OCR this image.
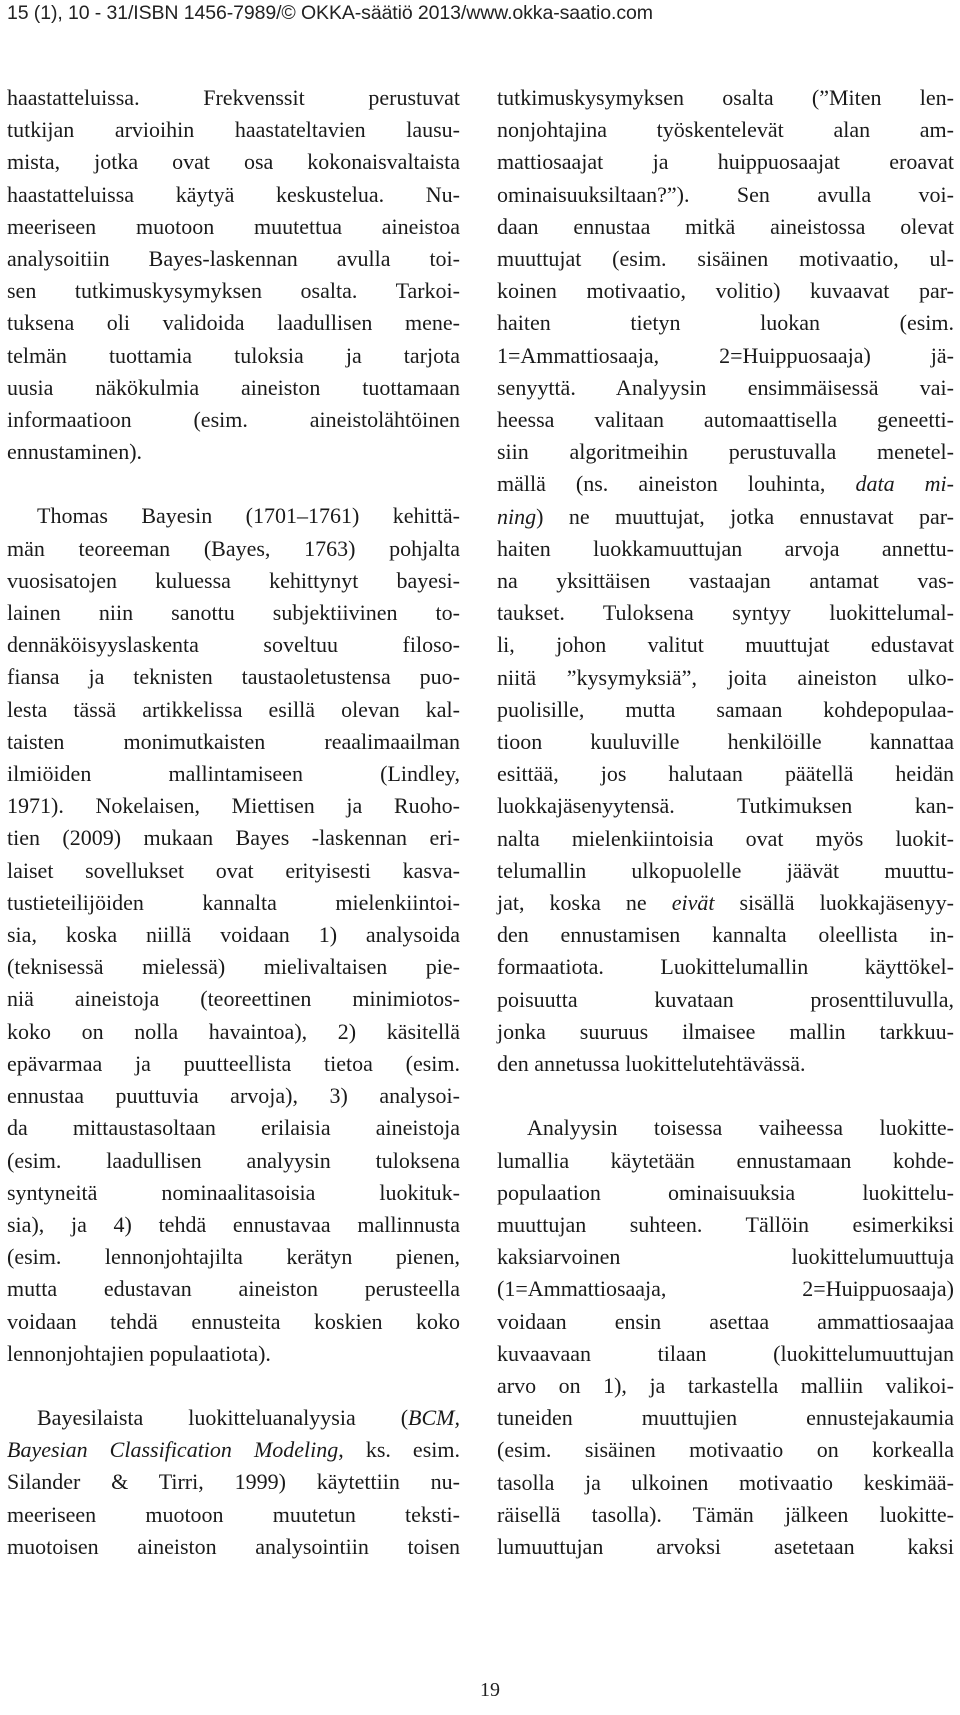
15 (1), 10 - 31/ISBN 1456-7989/© OKKA-säätiö 2013/www.okka-saatio.com
haastatteluissa. Frekvenssit perustuvat
tutkijan arvioihin haastateltavien lausu-
mista, jotka ovat osa kokonaisvaltaista
haastatteluissa käytyä keskustelua. Nu-
meeriseen muotoon muutettua aineistoa
analysoitiin Bayes-laskennan avulla toi-
sen tutkimuskysymyksen osalta. Tarkoi-
tuksena oli validoida laadullisen mene-
telmän tuottamia tuloksia ja tarjota
uusia näkökulmia aineiston tuottamaan
informaatioon (esim. aineistolähtöinen
ennustaminen).
Thomas Bayesin (1701–1761) kehittä-
män teoreeman (Bayes, 1763) pohjalta
vuosisatojen kuluessa kehittynyt bayesi-
lainen niin sanottu subjektiivinen to-
dennäköisyyslaskenta soveltuu filoso-
fiansa ja teknisten taustaoletustensa puo-
lesta tässä artikkelissa esillä olevan kal-
taisten monimutkaisten reaalimaailman
ilmiöiden mallintamiseen (Lindley,
1971). Nokelaisen, Miettisen ja Ruoho-
tien (2009) mukaan Bayes -laskennan eri-
laiset sovellukset ovat erityisesti kasva-
tustieteilijöiden kannalta mielenkiintoi-
sia, koska niillä voidaan 1) analysoida
(teknisessä mielessä) mielivaltaisen pie-
niä aineistoja (teoreettinen minimiotos-
koko on nolla havaintoa), 2) käsitellä
epävarmaa ja puutteellista tietoa (esim.
ennustaa puuttuvia arvoja), 3) analysoi-
da mittaustasoltaan erilaisia aineistoja
(esim. laadullisen analyysin tuloksena
syntyneitä nominaalitasoisia luokituk-
sia), ja 4) tehdä ennustavaa mallinnusta
(esim. lennonjohtajilta kerätyn pienen,
mutta edustavan aineiston perusteella
voidaan tehdä ennusteita koskien koko
lennonjohtajien populaatiota).
Bayesilaista luokitteluanalyysia (BCM,
Bayesian Classification Modeling, ks. esim.
Silander & Tirri, 1999) käytettiin nu-
meeriseen muotoon muutetun teksti-
muotoisen aineiston analysointiin toisen
tutkimuskysymyksen osalta (”Miten len-
nonjohtajina työskentelevät alan am-
mattiosaajat ja huippuosaajat eroavat
ominaisuuksiltaan?”). Sen avulla voi-
daan ennustaa mitkä aineistossa olevat
muuttujat (esim. sisäinen motivaatio, ul-
koinen motivaatio, volitio) kuvaavat par-
haiten tietyn luokan (esim.
1=Ammattiosaaja, 2=Huippuosaaja) jä-
senyyttä. Analyysin ensimmäisessä vai-
heessa valitaan automaattisella geneetti-
siin algoritmeihin perustuvalla menetel-
mällä (ns. aineiston louhinta, data mi-
ning) ne muuttujat, jotka ennustavat par-
haiten luokkamuuttujan arvoja annettu-
na yksittäisen vastaajan antamat vas-
taukset. Tuloksena syntyy luokittelumal-
li, johon valitut muuttujat edustavat
niitä ”kysymyksiä”, joita aineiston ulko-
puolisille, mutta samaan kohdepopulaa-
tioon kuuluville henkilöille kannattaa
esittää, jos halutaan päätellä heidän
luokkajäsenyytensä. Tutkimuksen kan-
nalta mielenkiintoisia ovat myös luokit-
telumallin ulkopuolelle jäävät muuttu-
jat, koska ne eivät sisällä luokkajäsenyy-
den ennustamisen kannalta oleellista in-
formaatiota. Luokittelumallin käyttökel-
poisuutta kuvataan prosenttiluvulla,
jonka suuruus ilmaisee mallin tarkkuu-
den annetussa luokittelutehtävässä.
Analyysin toisessa vaiheessa luokitte-
lumallia käytetään ennustamaan kohde-
populaation ominaisuuksia luokittelu-
muuttujan suhteen. Tällöin esimerkiksi
kaksiarvoinen luokittelumuuttuja
(1=Ammattiosaaja, 2=Huippuosaaja)
voidaan ensin asettaa ammattiosaajaa
kuvaavaan tilaan (luokittelumuuttujan
arvo on 1), ja tarkastella malliin valikoi-
tuneiden muuttujien ennustejakaumia
(esim. sisäinen motivaatio on korkealla
tasolla ja ulkoinen motivaatio keskimää-
räisellä tasolla). Tämän jälkeen luokitte-
lumuuttujan arvoksi asetetaan kaksi
19
